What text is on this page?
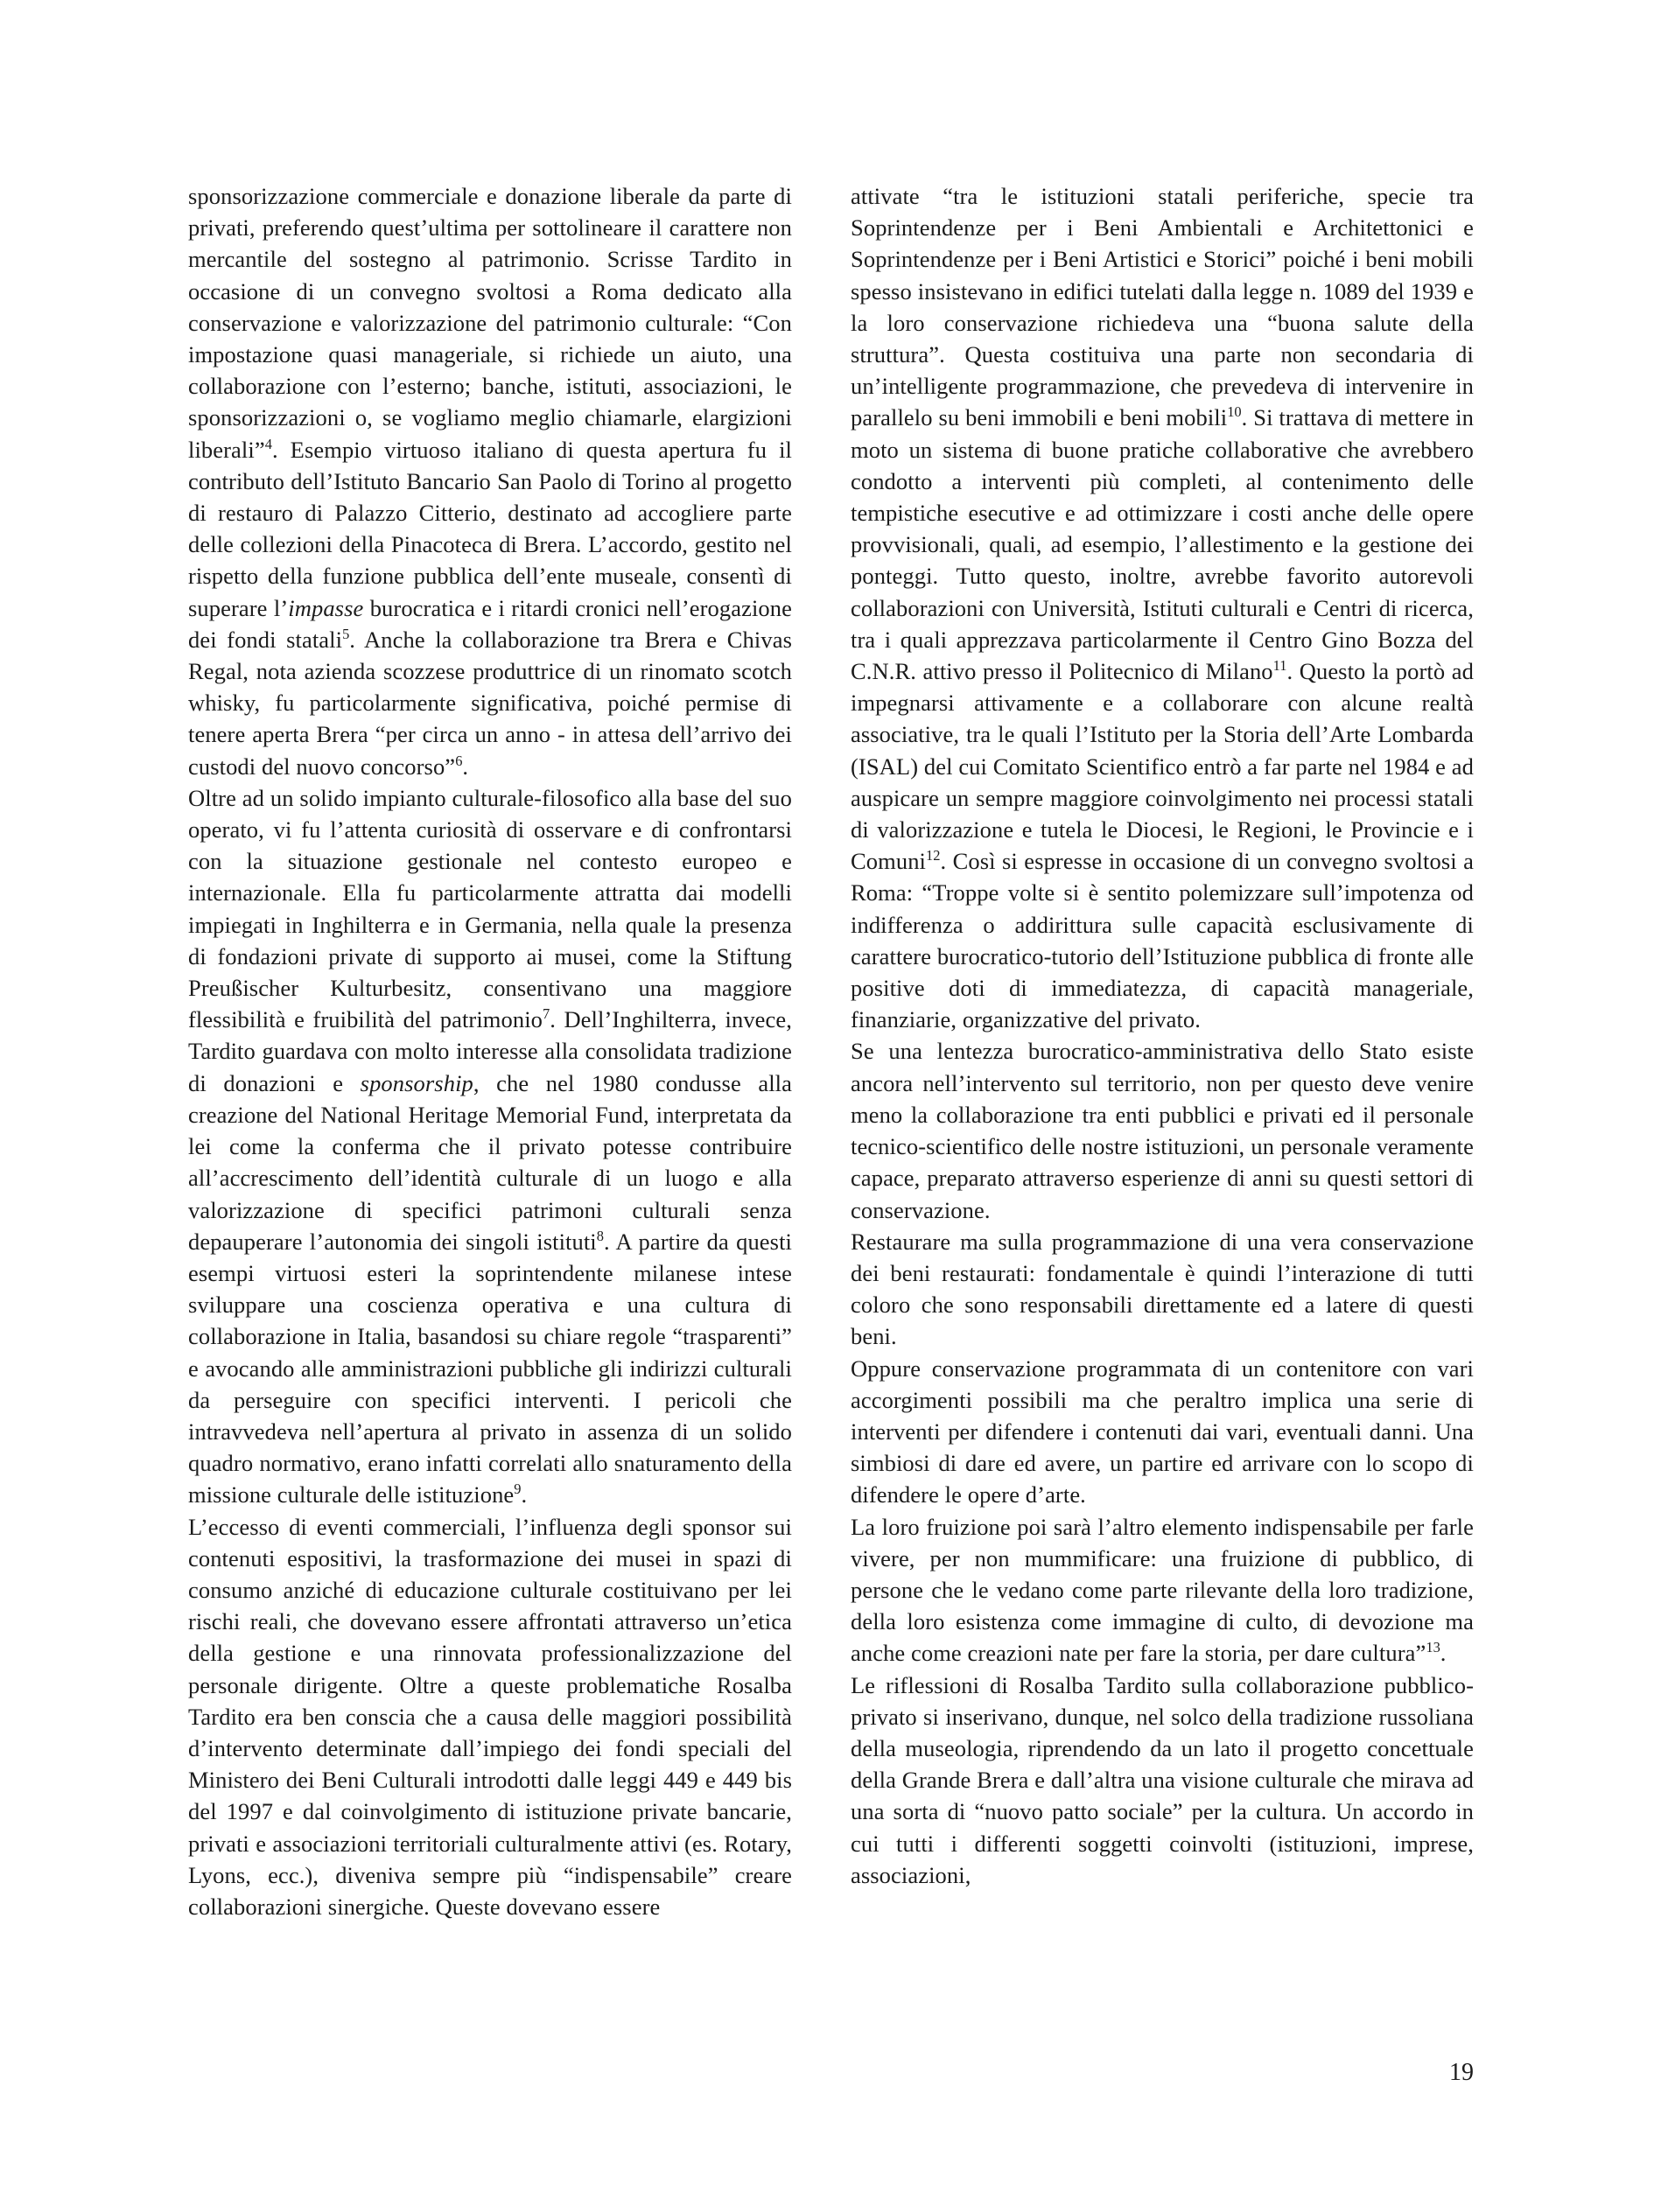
sponsorizzazione commerciale e donazione liberale da parte di privati, preferendo quest’ultima per sottolineare il carattere non mercantile del sostegno al patrimonio. Scrisse Tardito in occasione di un convegno svoltosi a Roma dedicato alla conservazione e valorizzazione del patrimonio culturale: “Con impostazione quasi manageriale, si richiede un aiuto, una collaborazione con l’esterno; banche, istituti, associazioni, le sponsorizzazioni o, se vogliamo meglio chiamarle, elargizioni liberali”$^4$. Esempio virtuoso italiano di questa apertura fu il contributo dell’Istituto Bancario San Paolo di Torino al progetto di restauro di Palazzo Citterio, destinato ad accogliere parte delle collezioni della Pinacoteca di Brera. L’accordo, gestito nel rispetto della funzione pubblica dell’ente museale, consentì di superare l’impasse burocratica e i ritardi cronici nell’erogazione dei fondi statali$^5$. Anche la collaborazione tra Brera e Chivas Regal, nota azienda scozzese produttrice di un rinomato scotch whisky, fu particolarmente significativa, poiché permise di tenere aperta Brera “per circa un anno - in attesa dell’arrivo dei custodi del nuovo concorso”$^6$.

Oltre ad un solido impianto culturale-filosofico alla base del suo operato, vi fu l’attenta curiosità di osservare e di confrontarsi con la situazione gestionale nel contesto europeo e internazionale. Ella fu particolarmente attratta dai modelli impiegati in Inghilterra e in Germania, nella quale la presenza di fondazioni private di supporto ai musei, come la Stiftung Preußischer Kulturbesitz, consentivano una maggiore flessibilità e fruibilità del patrimonio$^7$. Dell’Inghilterra, invece, Tardito guardava con molto interesse alla consolidata tradizione di donazioni e sponsorship, che nel 1980 condusse alla creazione del National Heritage Memorial Fund, interpretata da lei come la conferma che il privato potesse contribuire all’accrescimento dell’identità culturale di un luogo e alla valorizzazione di specifici patrimoni culturali senza depauperare l’autonomia dei singoli istituti$^8$. A partire da questi esempi virtuosi esteri la soprintendente milanese intese sviluppare una coscienza operativa e una cultura di collaborazione in Italia, basandosi su chiare regole “trasparenti” e avocando alle amministrazioni pubbliche gli indirizzi culturali da perseguire con specifici interventi. I pericoli che intravvedeva nell’apertura al privato in assenza di un solido quadro normativo, erano infatti correlati allo snaturamento della missione culturale delle istituzione$^9$.

L’eccesso di eventi commerciali, l’influenza degli sponsor sui contenuti espositivi, la trasformazione dei musei in spazi di consumo anziché di educazione culturale costituivano per lei rischi reali, che dovevano essere affrontati attraverso un’etica della gestione e una rinnovata professionalizzazione del personale dirigente. Oltre a queste problematiche Rosalba Tardito era ben conscia che a causa delle maggiori possibilità d’intervento determinate dall’impiego dei fondi speciali del Ministero dei Beni Culturali introdotti dalle leggi 449 e 449 bis del 1997 e dal coinvolgimento di istituzione private bancarie, privati e associazioni territoriali culturalmente attivi (es. Rotary, Lyons, ecc.), diveniva sempre più “indispensabile” creare collaborazioni sinergiche. Queste dovevano essere

attivate “tra le istituzioni statali periferiche, specie tra Soprintendenze per i Beni Ambientali e Architettonici e Soprintendenze per i Beni Artistici e Storici” poiché i beni mobili spesso insistevano in edifici tutelati dalla legge n. 1089 del 1939 e la loro conservazione richiedeva una “buona salute della struttura”. Questa costituiva una parte non secondaria di un’intelligente programmazione, che prevedeva di intervenire in parallelo su beni immobili e beni mobili$^{10}$. Si trattava di mettere in moto un sistema di buone pratiche collaborative che avrebbero condotto a interventi più completi, al contenimento delle tempistiche esecutive e ad ottimizzare i costi anche delle opere provvisionali, quali, ad esempio, l’allestimento e la gestione dei ponteggi. Tutto questo, inoltre, avrebbe favorito autorevoli collaborazioni con Università, Istituti culturali e Centri di ricerca, tra i quali apprezzava particolarmente il Centro Gino Bozza del C.N.R. attivo presso il Politecnico di Milano$^{11}$. Questo la portò ad impegnarsi attivamente e a collaborare con alcune realtà associative, tra le quali l’Istituto per la Storia dell’Arte Lombarda (ISAL) del cui Comitato Scientifico entrò a far parte nel 1984 e ad auspicare un sempre maggiore coinvolgimento nei processi statali di valorizzazione e tutela le Diocesi, le Regioni, le Provincie e i Comuni$^{12}$. Così si espresse in occasione di un convegno svoltosi a Roma: “Troppe volte si è sentito polemizzare sull’impotenza od indifferenza o addirittura sulle capacità esclusivamente di carattere burocratico-tutorio dell’Istituzione pubblica di fronte alle positive doti di immediatezza, di capacità manageriale, finanziarie, organizzative del privato.

Se una lentezza burocratico-amministrativa dello Stato esiste ancora nell’intervento sul territorio, non per questo deve venire meno la collaborazione tra enti pubblici e privati ed il personale tecnico-scientifico delle nostre istituzioni, un personale veramente capace, preparato attraverso esperienze di anni su questi settori di conservazione.

Restaurare ma sulla programmazione di una vera conservazione dei beni restaurati: fondamentale è quindi l’interazione di tutti coloro che sono responsabili direttamente ed a latere di questi beni.

Oppure conservazione programmata di un contenitore con vari accorgimenti possibili ma che peraltro implica una serie di interventi per difendere i contenuti dai vari, eventuali danni. Una simbiosi di dare ed avere, un partire ed arrivare con lo scopo di difendere le opere d’arte.

La loro fruizione poi sarà l’altro elemento indispensabile per farle vivere, per non mummificare: una fruizione di pubblico, di persone che le vedano come parte rilevante della loro tradizione, della loro esistenza come immagine di culto, di devozione ma anche come creazioni nate per fare la storia, per dare cultura”$^{13}$.

Le riflessioni di Rosalba Tardito sulla collaborazione pubblico-privato si inserivano, dunque, nel solco della tradizione russoliana della museologia, riprendendo da un lato il progetto concettuale della Grande Brera e dall’altra una visione culturale che mirava ad una sorta di “nuovo patto sociale” per la cultura. Un accordo in cui tutti i differenti soggetti coinvolti (istituzioni, imprese, associazioni,

19
